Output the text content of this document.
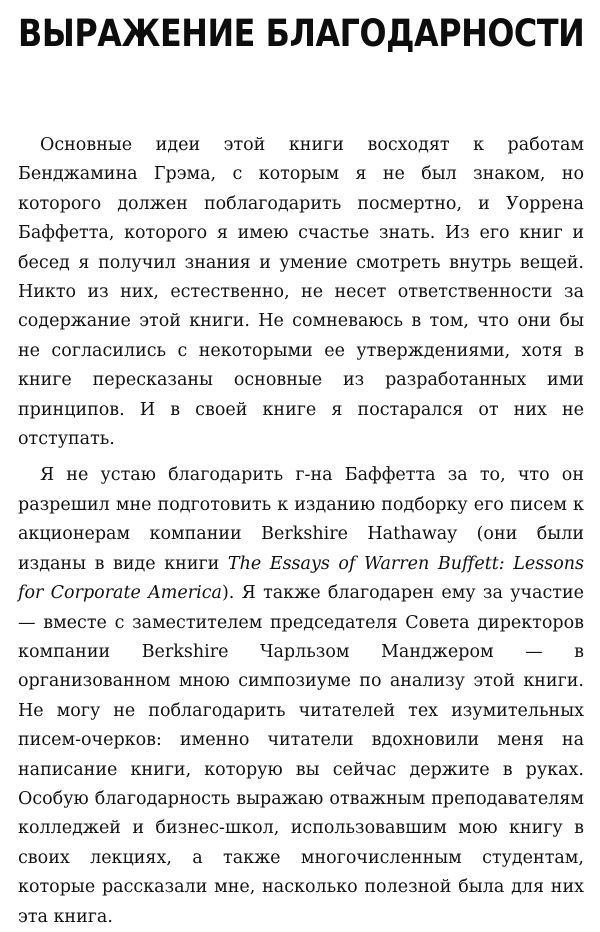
ВЫРАЖЕНИЕ БЛАГОДАРНОСТИ

Основные идеи этой книги восходят к работам Бенджамина Грэма, с которым я не был знаком, но которого должен поблагодарить посмертно, и Уоррена Баффетта, которого я имею счастье знать. Из его книг и бесед я получил знания и умение смотреть внутрь вещей. Никто из них, естественно, не несет ответственности за содержание этой книги. Не сомневаюсь в том, что они бы не согласились с некоторыми ее утверждениями, хотя в книге пересказаны основные из разработанных ими принципов. И в своей книге я постарался от них не отступать.

Я не устаю благодарить г-на Баффетта за то, что он разрешил мне подготовить к изданию подборку его писем к акционерам компании Berkshire Hathaway (они были изданы в виде книги The Essays of Warren Buffett: Lessons for Corporate America). Я также благодарен ему за участие — вместе с заместителем председателя Совета директоров компании Berkshire Чарльзом Манджером — в организованном мною симпозиуме по анализу этой книги. Не могу не поблагодарить читателей тех изумительных писем-очерков: именно читатели вдохновили меня на написание книги, которую вы сейчас держите в руках. Особую благодарность выражаю отважным преподавателям колледжей и бизнес-школ, использовавшим мою книгу в своих лекциях, а также многочисленным студентам, которые рассказали мне, насколько полезной была для них эта книга.
